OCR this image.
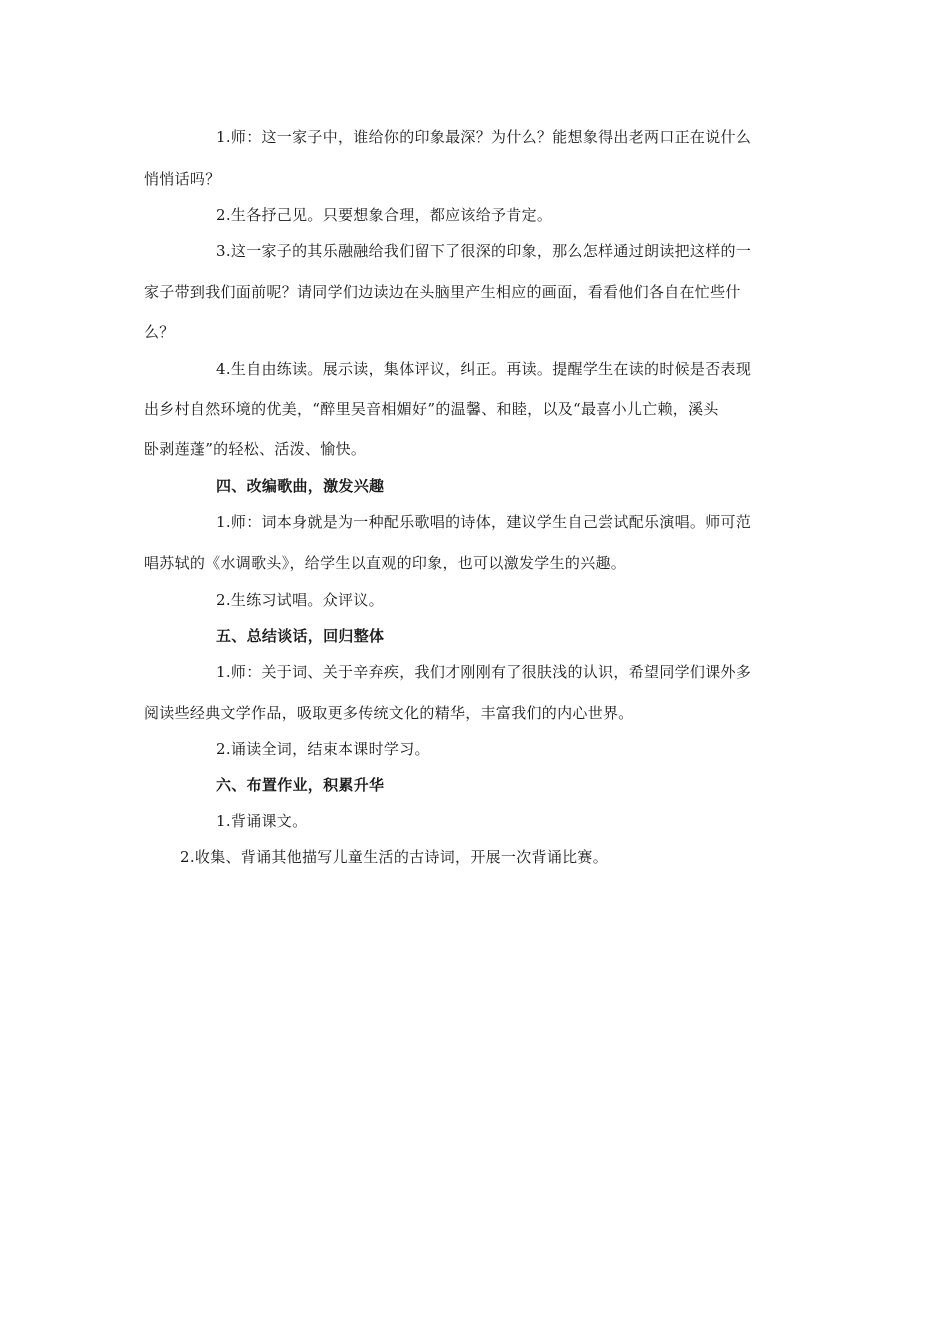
1.师：这一家子中，谁给你的印象最深？为什么？能想象得出老两口正在说什么
悄悄话吗？
2.生各抒己见。只要想象合理，都应该给予肯定。
3.这一家子的其乐融融给我们留下了很深的印象，那么怎样通过朗读把这样的一
家子带到我们面前呢？请同学们边读边在头脑里产生相应的画面，看看他们各自在忙些什
么？
4.生自由练读。展示读，集体评议，纠正。再读。提醒学生在读的时候是否表现
出乡村自然环境的优美，“醉里吴音相媚好”的温馨、和睦，以及“最喜小儿亡赖，溪头
卧剥莲蓬”的轻松、活泼、愉快。
四、改编歌曲，激发兴趣
1.师：词本身就是为一种配乐歌唱的诗体，建议学生自己尝试配乐演唱。师可范
唱苏轼的《水调歌头》，给学生以直观的印象，也可以激发学生的兴趣。
2.生练习试唱。众评议。
五、总结谈话，回归整体
1.师：关于词、关于辛弃疾，我们才刚刚有了很肤浅的认识，希望同学们课外多
阅读些经典文学作品，吸取更多传统文化的精华，丰富我们的内心世界。
2.诵读全词，结束本课时学习。
六、布置作业，积累升华
1.背诵课文。
2.收集、背诵其他描写儿童生活的古诗词，开展一次背诵比赛。
